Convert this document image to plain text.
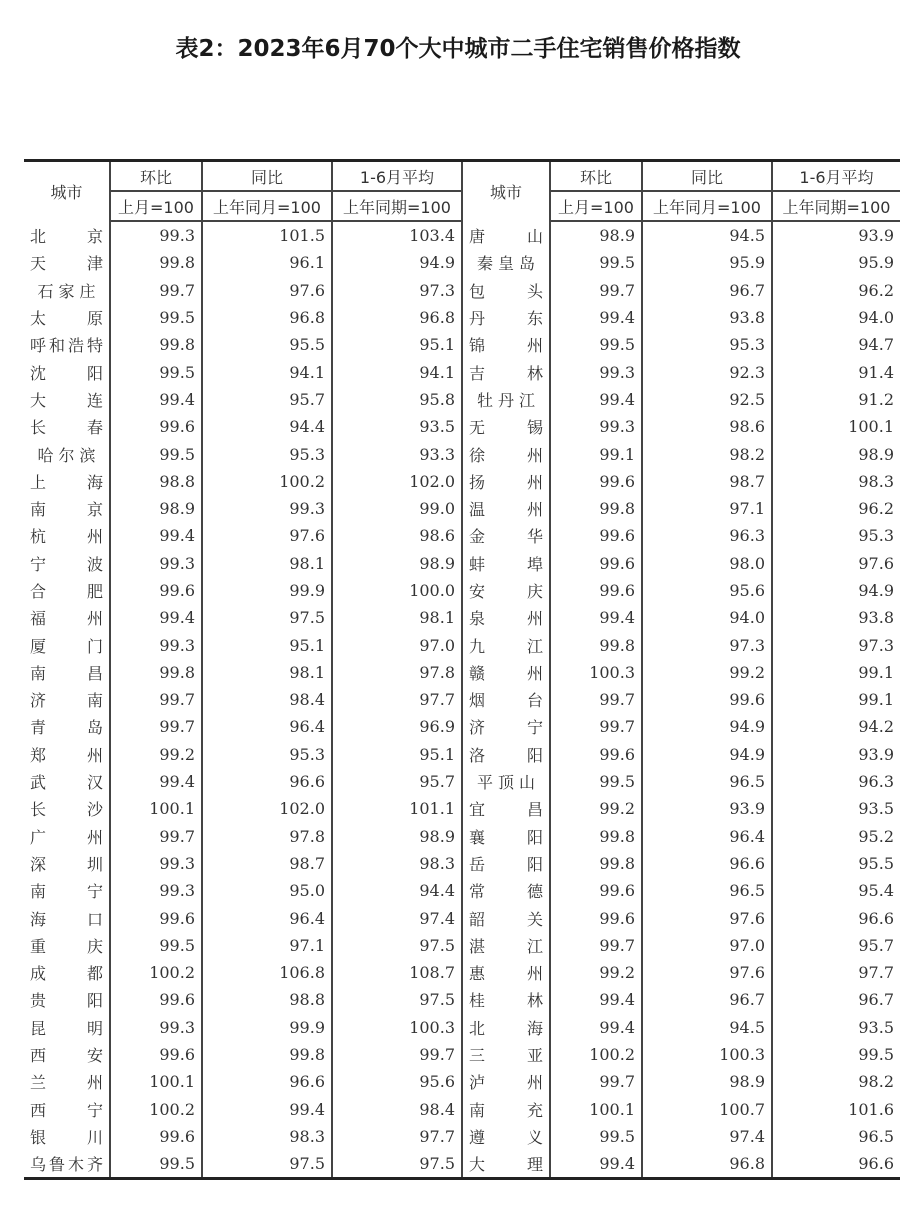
表2：2023年6月70个大中城市二手住宅销售价格指数
城市	环比	同比	1-6月平均	城市	环比	同比	1-6月平均
	上月=100	上年同月=100	上年同期=100		上月=100	上年同月=100	上年同期=100

北 京	99.3	101.5	103.4	唐 山	98.9	94.5	93.9

天 津	99.8	96.1	94.9	秦 皇 岛	99.5	95.9	95.9

石 家 庄	99.7	97.6	97.3	包 头	99.7	96.7	96.2

太 原	99.5	96.8	96.8	丹 东	99.4	93.8	94.0

呼 和 浩 特	99.8	95.5	95.1	锦 州	99.5	95.3	94.7

沈 阳	99.5	94.1	94.1	吉 林	99.3	92.3	91.4

大 连	99.4	95.7	95.8	牡 丹 江	99.4	92.5	91.2

长 春	99.6	94.4	93.5	无 锡	99.3	98.6	100.1

哈 尔 滨	99.5	95.3	93.3	徐 州	99.1	98.2	98.9

上 海	98.8	100.2	102.0	扬 州	99.6	98.7	98.3

南 京	98.9	99.3	99.0	温 州	99.8	97.1	96.2

杭 州	99.4	97.6	98.6	金 华	99.6	96.3	95.3

宁 波	99.3	98.1	98.9	蚌 埠	99.6	98.0	97.6

合 肥	99.6	99.9	100.0	安 庆	99.6	95.6	94.9

福 州	99.4	97.5	98.1	泉 州	99.4	94.0	93.8

厦 门	99.3	95.1	97.0	九 江	99.8	97.3	97.3

南 昌	99.8	98.1	97.8	赣 州	100.3	99.2	99.1

济 南	99.7	98.4	97.7	烟 台	99.7	99.6	99.1

青 岛	99.7	96.4	96.9	济 宁	99.7	94.9	94.2

郑 州	99.2	95.3	95.1	洛 阳	99.6	94.9	93.9

武 汉	99.4	96.6	95.7	平 顶 山	99.5	96.5	96.3

长 沙	100.1	102.0	101.1	宜 昌	99.2	93.9	93.5

广 州	99.7	97.8	98.9	襄 阳	99.8	96.4	95.2

深 圳	99.3	98.7	98.3	岳 阳	99.8	96.6	95.5

南 宁	99.3	95.0	94.4	常 德	99.6	96.5	95.4

海 口	99.6	96.4	97.4	韶 关	99.6	97.6	96.6

重 庆	99.5	97.1	97.5	湛 江	99.7	97.0	95.7

成 都	100.2	106.8	108.7	惠 州	99.2	97.6	97.7

贵 阳	99.6	98.8	97.5	桂 林	99.4	96.7	96.7

昆 明	99.3	99.9	100.3	北 海	99.4	94.5	93.5

西 安	99.6	99.8	99.7	三 亚	100.2	100.3	99.5

兰 州	100.1	96.6	95.6	泸 州	99.7	98.9	98.2

西 宁	100.2	99.4	98.4	南 充	100.1	100.7	101.6

银 川	99.6	98.3	97.7	遵 义	99.5	97.4	96.5

乌 鲁 木 齐	99.5	97.5	97.5	大 理	99.4	96.8	96.6
